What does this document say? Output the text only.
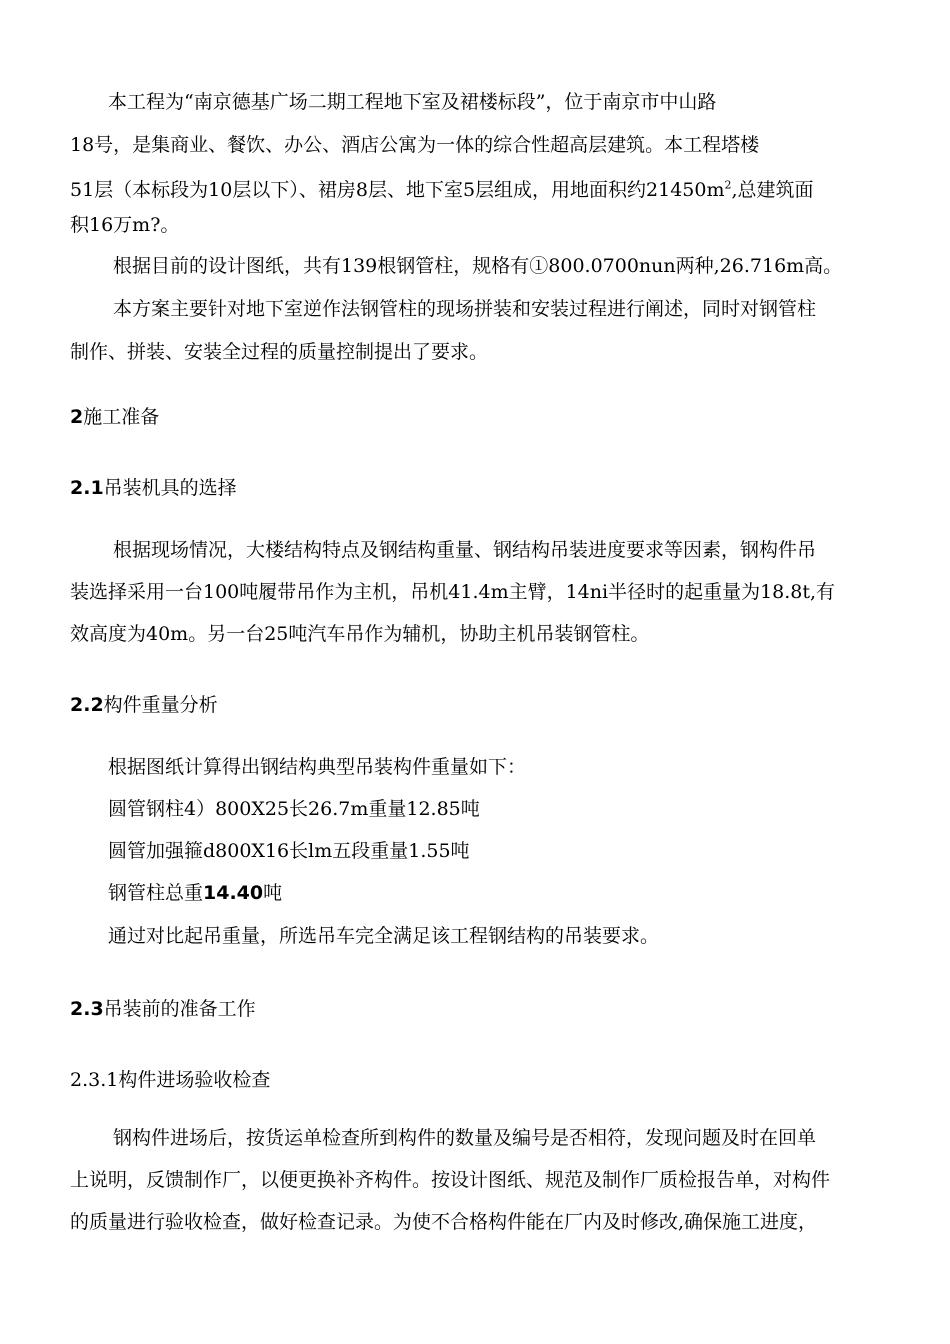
本工程为“南京德基广场二期工程地下室及裙楼标段”，位于南京市中山路
18号，是集商业、餐饮、办公、酒店公寓为一体的综合性超高层建筑。本工程塔楼
51层（本标段为10层以下）、裙房8层、地下室5层组成，用地面积约$21450m^2$,总建筑面
积16万m?。
根据目前的设计图纸，共有139根钢管柱，规格有①800.0700nun两种,26.716m高。
本方案主要针对地下室逆作法钢管柱的现场拼装和安装过程进行阐述，同时对钢管柱
制作、拼装、安装全过程的质量控制提出了要求。
2施工准备
2.1吊装机具的选择
根据现场情况，大楼结构特点及钢结构重量、钢结构吊装进度要求等因素，钢构件吊
装选择采用一台100吨履带吊作为主机，吊机41.4m主臂，14ni半径时的起重量为18.8t,有
效高度为40m。另一台25吨汽车吊作为辅机，协助主机吊装钢管柱。
2.2构件重量分析
根据图纸计算得出钢结构典型吊装构件重量如下：
圆管钢柱4）800X25长26.7m重量12.85吨
圆管加强箍d800X16长lm五段重量1.55吨
钢管柱总重14.40吨
通过对比起吊重量，所选吊车完全满足该工程钢结构的吊装要求。
2.3吊装前的准备工作
2.3.1构件进场验收检查
钢构件进场后，按货运单检查所到构件的数量及编号是否相符，发现问题及时在回单
上说明，反馈制作厂，以便更换补齐构件。按设计图纸、规范及制作厂质检报告单，对构件
的质量进行验收检查，做好检查记录。为使不合格构件能在厂内及时修改,确保施工进度，
